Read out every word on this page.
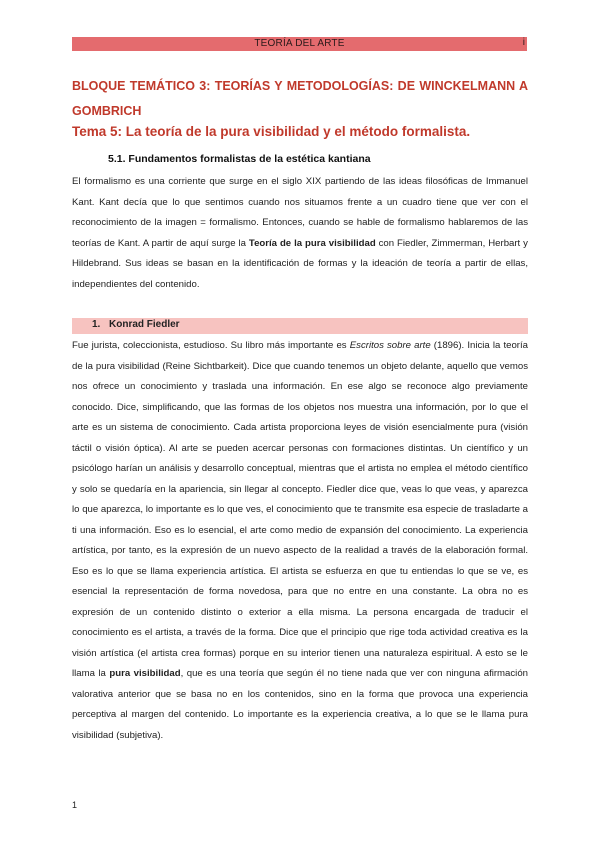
TEORÍA DEL ARTE	i
BLOQUE TEMÁTICO 3: TEORÍAS Y METODOLOGÍAS: DE WINCKELMANN A GOMBRICH
Tema 5: La teoría de la pura visibilidad y el método formalista.
5.1. Fundamentos formalistas de la estética kantiana
El formalismo es una corriente que surge en el siglo XIX partiendo de las ideas filosóficas de Immanuel Kant. Kant decía que lo que sentimos cuando nos situamos frente a un cuadro tiene que ver con el reconocimiento de la imagen = formalismo. Entonces, cuando se hable de formalismo hablaremos de las teorías de Kant. A partir de aquí surge la Teoría de la pura visibilidad con Fiedler, Zimmerman, Herbart y Hildebrand. Sus ideas se basan en la identificación de formas y la ideación de teoría a partir de ellas, independientes del contenido.
1. Konrad Fiedler
Fue jurista, coleccionista, estudioso. Su libro más importante es Escritos sobre arte (1896). Inicia la teoría de la pura visibilidad (Reine Sichtbarkeit). Dice que cuando tenemos un objeto delante, aquello que vemos nos ofrece un conocimiento y traslada una información. En ese algo se reconoce algo previamente conocido. Dice, simplificando, que las formas de los objetos nos muestra una información, por lo que el arte es un sistema de conocimiento. Cada artista proporciona leyes de visión esencialmente pura (visión táctil o visión óptica). Al arte se pueden acercar personas con formaciones distintas. Un científico y un psicólogo harían un análisis y desarrollo conceptual, mientras que el artista no emplea el método científico y solo se quedaría en la apariencia, sin llegar al concepto. Fiedler dice que, veas lo que veas, y aparezca lo que aparezca, lo importante es lo que ves, el conocimiento que te transmite esa especie de trasladarte a ti una información. Eso es lo esencial, el arte como medio de expansión del conocimiento. La experiencia artística, por tanto, es la expresión de un nuevo aspecto de la realidad a través de la elaboración formal. Eso es lo que se llama experiencia artística. El artista se esfuerza en que tu entiendas lo que se ve, es esencial la representación de forma novedosa, para que no entre en una constante. La obra no es expresión de un contenido distinto o exterior a ella misma. La persona encargada de traducir el conocimiento es el artista, a través de la forma. Dice que el principio que rige toda actividad creativa es la visión artística (el artista crea formas) porque en su interior tienen una naturaleza espiritual. A esto se le llama la pura visibilidad, que es una teoría que según él no tiene nada que ver con ninguna afirmación valorativa anterior que se basa no en los contenidos, sino en la forma que provoca una experiencia perceptiva al margen del contenido. Lo importante es la experiencia creativa, a lo que se le llama pura visibilidad (subjetiva).
1
